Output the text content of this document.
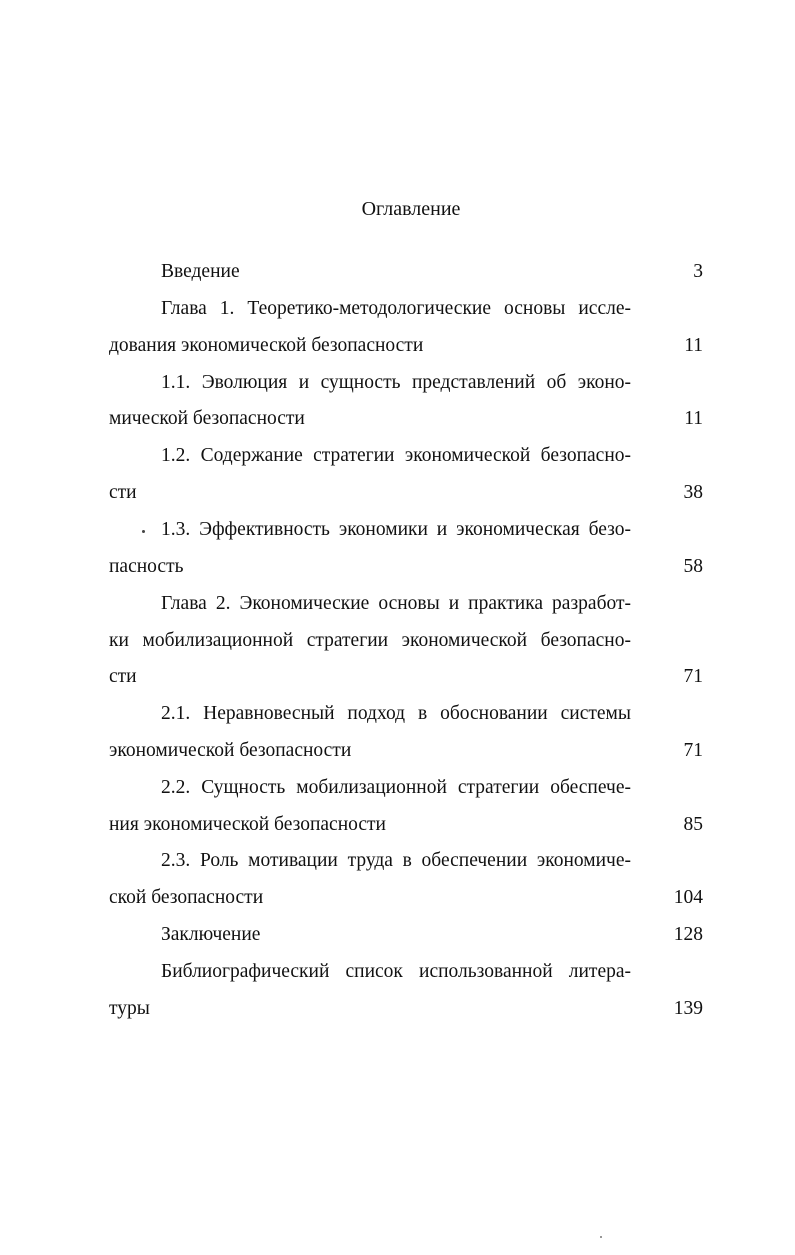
Оглавление
Введение	3
Глава 1. Теоретико-методологические основы иссле-
дования экономической безопасности	11
1.1. Эволюция и сущность представлений об эконо-
мической безопасности	11
1.2. Содержание стратегии экономической безопасно-
сти	38
1.3. Эффективность экономики и экономическая безо-
пасность	58
Глава 2. Экономические основы и практика разработ-
ки мобилизационной стратегии экономической безопасно-
сти	71
2.1. Неравновесный подход в обосновании системы
экономической безопасности	71
2.2. Сущность мобилизационной стратегии обеспече-
ния экономической безопасности	85
2.3. Роль мотивации труда в обеспечении экономиче-
ской безопасности	104
Заключение	128
Библиографический список использованной литера-
туры	139
